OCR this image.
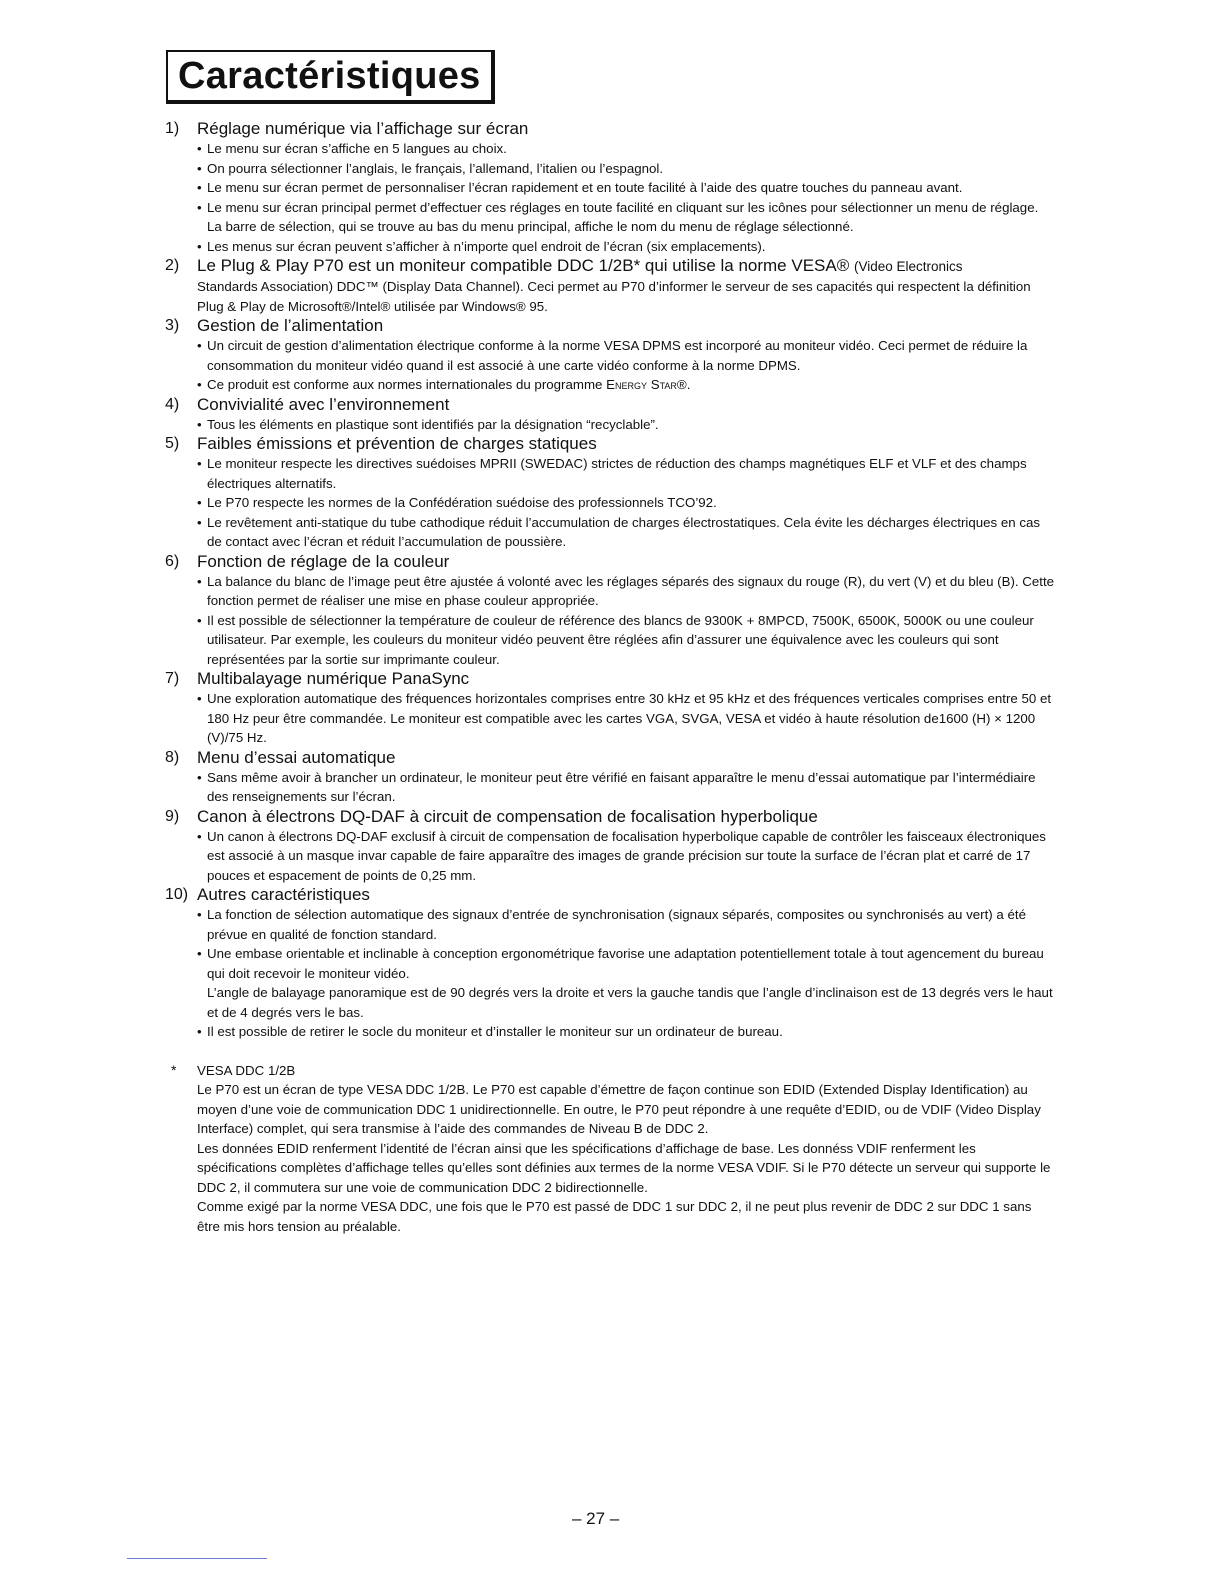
Caractéristiques
1)	Réglage numérique via l’affichage sur écran
• Le menu sur écran s’affiche en 5 langues au choix.
• On pourra sélectionner l’anglais, le français, l’allemand, l’italien ou l’espagnol.
• Le menu sur écran permet de personnaliser l’écran rapidement et en toute facilité à l’aide des quatre touches du panneau avant.
• Le menu sur écran principal permet d’effectuer ces réglages en toute facilité en cliquant sur les icônes pour sélectionner un menu de réglage. La barre de sélection, qui se trouve au bas du menu principal, affiche le nom du menu de réglage sélectionné.
• Les menus sur écran peuvent s’afficher à n’importe quel endroit de l’écran (six emplacements).
2)	Le Plug & Play P70 est un moniteur compatible DDC 1/2B* qui utilise la norme VESA® (Video Electronics
Standards Association) DDC™ (Display Data Channel). Ceci permet au P70 d’informer le serveur de ses capacités qui respectent la définition Plug & Play de Microsoft®/Intel® utilisée par Windows® 95.
3)	Gestion de l’alimentation
• Un circuit de gestion d’alimentation électrique conforme à la norme VESA DPMS est incorporé au moniteur vidéo. Ceci permet de réduire la consommation du moniteur vidéo quand il est associé à une carte vidéo conforme à la norme DPMS.
• Ce produit est conforme aux normes internationales du programme Energy Star®.
4)	Convivialité avec l’environnement
• Tous les éléments en plastique sont identifiés par la désignation “recyclable”.
5)	Faibles émissions et prévention de charges statiques
• Le moniteur respecte les directives suédoises MPRII (SWEDAC) strictes de réduction des champs magnétiques ELF et VLF et des champs électriques alternatifs.
• Le P70 respecte les normes de la Confédération suédoise des professionnels TCO’92.
• Le revêtement anti-statique du tube cathodique réduit l’accumulation de charges électrostatiques. Cela évite les décharges électriques en cas de contact avec l’écran et réduit l’accumulation de poussière.
6)	Fonction de réglage de la couleur
• La balance du blanc de l’image peut être ajustée á volonté avec les réglages séparés des signaux du rouge (R), du vert (V) et du bleu (B). Cette fonction permet de réaliser une mise en phase couleur appropriée.
• Il est possible de sélectionner la température de couleur de référence des blancs de 9300K + 8MPCD, 7500K, 6500K, 5000K ou une couleur utilisateur. Par exemple, les couleurs du moniteur vidéo peuvent être réglées afin d’assurer une équivalence avec les couleurs qui sont représentées par la sortie sur imprimante couleur.
7)	Multibalayage numérique PanaSync
• Une exploration automatique des fréquences horizontales comprises entre 30 kHz et 95 kHz et des fréquences verticales comprises entre 50 et 180 Hz peur être commandée. Le moniteur est compatible avec les cartes VGA, SVGA, VESA et vidéo à haute résolution de1600 (H) × 1200 (V)/75 Hz.
8)	Menu d’essai automatique
• Sans même avoir à brancher un ordinateur, le moniteur peut être vérifié en faisant apparaître le menu d’essai automatique par l’intermédiaire des renseignements sur l’écran.
9)	Canon à électrons DQ-DAF à circuit de compensation de focalisation hyperbolique
• Un canon à électrons DQ-DAF exclusif à circuit de compensation de focalisation hyperbolique capable de contrôler les faisceaux électroniques est associé à un masque invar capable de faire apparaître des images de grande précision sur toute la surface de l’écran plat et carré de 17 pouces et espacement de points de 0,25 mm.
10) Autres caractéristiques
• La fonction de sélection automatique des signaux d’entrée de synchronisation (signaux séparés, composites ou synchronisés au vert) a été prévue en qualité de fonction standard.
• Une embase orientable et inclinable à conception ergonométrique favorise une adaptation potentiellement totale à tout agencement du bureau qui doit recevoir le moniteur vidéo.
L’angle de balayage panoramique est de 90 degrés vers la droite et vers la gauche tandis que l’angle d’inclinaison est de 13 degrés vers le haut et de 4 degrés vers le bas.
• Il est possible de retirer le socle du moniteur et d’installer le moniteur sur un ordinateur de bureau.
* VESA DDC 1/2B
Le P70 est un écran de type VESA DDC 1/2B. Le P70 est capable d’émettre de façon continue son EDID (Extended Display Identification) au moyen d’une voie de communication DDC 1 unidirectionnelle. En outre, le P70 peut répondre à une requête d’EDID, ou de VDIF (Video Display Interface) complet, qui sera transmise à l’aide des commandes de Niveau B de DDC 2.
Les données EDID renferment l’identité de l’écran ainsi que les spécifications d’affichage de base. Les donnéss VDIF renferment les spécifications complètes d’affichage telles qu’elles sont définies aux termes de la norme VESA VDIF. Si le P70 détecte un serveur qui supporte le DDC 2, il commutera sur une voie de communication DDC 2 bidirectionnelle.
Comme exigé par la norme VESA DDC, une fois que le P70 est passé de DDC 1 sur DDC 2, il ne peut plus revenir de DDC 2 sur DDC 1 sans être mis hors tension au préalable.
– 27 –
